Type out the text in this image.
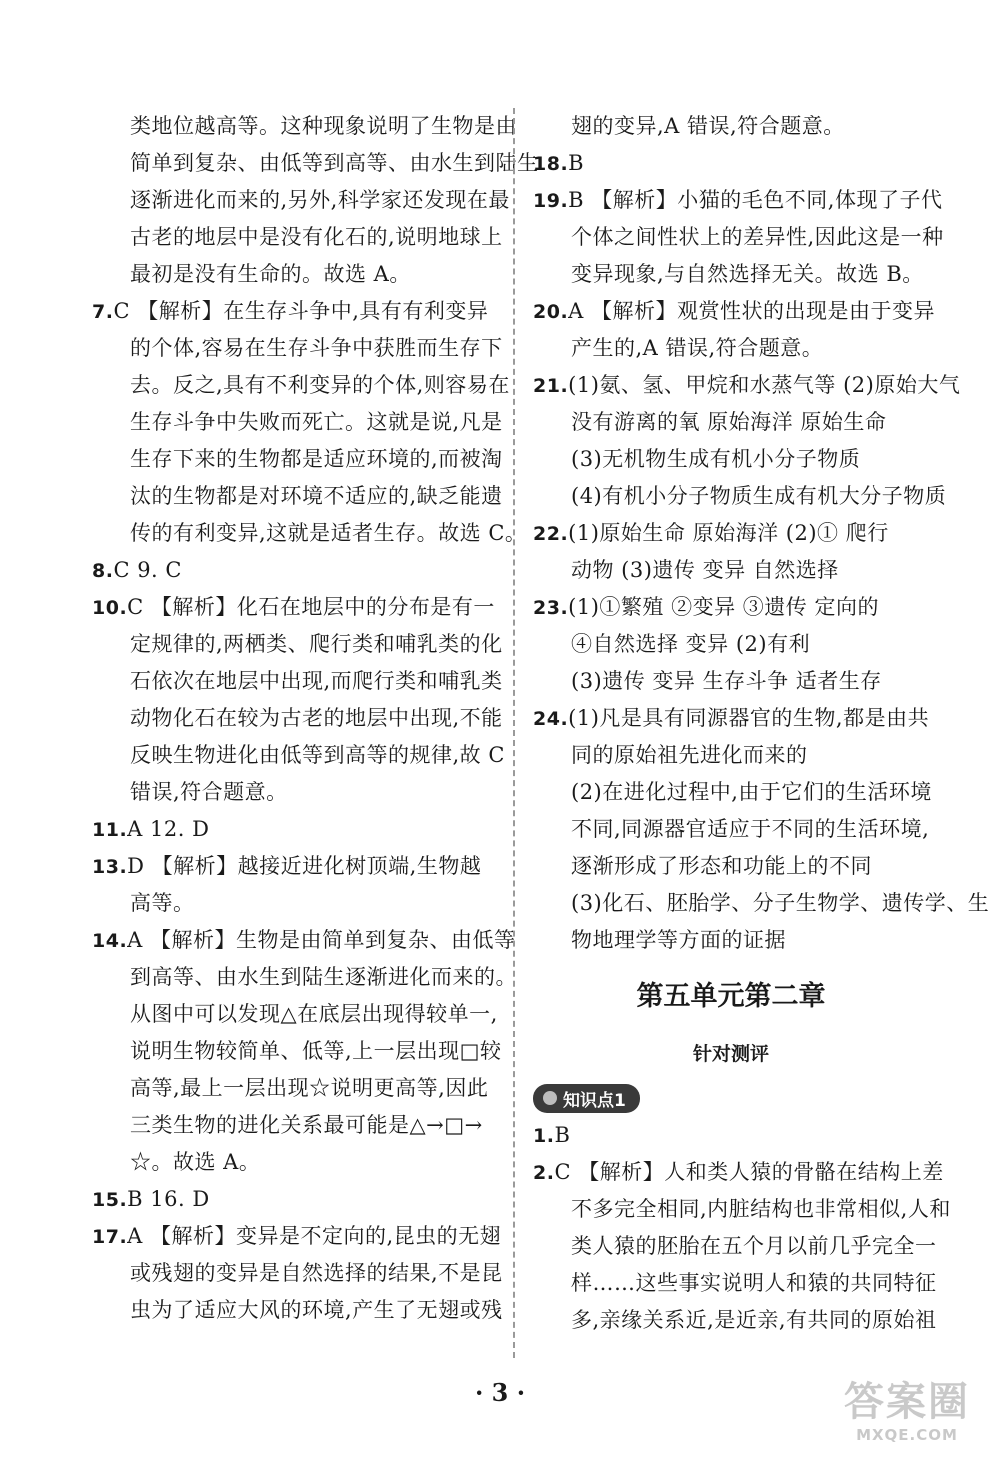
类地位越高等。这种现象说明了生物是由
简单到复杂、由低等到高等、由水生到陆生
逐渐进化而来的,另外,科学家还发现在最
古老的地层中是没有化石的,说明地球上
最初是没有生命的。故选 A。
7.C 【解析】在生存斗争中,具有有利变异
的个体,容易在生存斗争中获胜而生存下
去。反之,具有不利变异的个体,则容易在
生存斗争中失败而死亡。这就是说,凡是
生存下来的生物都是适应环境的,而被淘
汰的生物都是对环境不适应的,缺乏能遗
传的有利变异,这就是适者生存。故选 C。
8.C 9. C
10.C 【解析】化石在地层中的分布是有一
定规律的,两栖类、爬行类和哺乳类的化
石依次在地层中出现,而爬行类和哺乳类
动物化石在较为古老的地层中出现,不能
反映生物进化由低等到高等的规律,故 C
错误,符合题意。
11.A 12. D
13.D 【解析】越接近进化树顶端,生物越
高等。
14.A 【解析】生物是由简单到复杂、由低等
到高等、由水生到陆生逐渐进化而来的。
从图中可以发现△在底层出现得较单一,
说明生物较简单、低等,上一层出现□较
高等,最上一层出现☆说明更高等,因此
三类生物的进化关系最可能是△→□→
☆。故选 A。
15.B 16. D
17.A 【解析】变异是不定向的,昆虫的无翅
或残翅的变异是自然选择的结果,不是昆
虫为了适应大风的环境,产生了无翅或残
翅的变异,A 错误,符合题意。
18.B
19.B 【解析】小猫的毛色不同,体现了子代
个体之间性状上的差异性,因此这是一种
变异现象,与自然选择无关。故选 B。
20.A 【解析】观赏性状的出现是由于变异
产生的,A 错误,符合题意。
21.(1)氨、氢、甲烷和水蒸气等 (2)原始大气
没有游离的氧 原始海洋 原始生命
(3)无机物生成有机小分子物质
(4)有机小分子物质生成有机大分子物质
22.(1)原始生命 原始海洋 (2)① 爬行
动物 (3)遗传 变异 自然选择
23.(1)①繁殖 ②变异 ③遗传 定向的
④自然选择 变异 (2)有利
(3)遗传 变异 生存斗争 适者生存
24.(1)凡是具有同源器官的生物,都是由共
同的原始祖先进化而来的
(2)在进化过程中,由于它们的生活环境
不同,同源器官适应于不同的生活环境,
逐渐形成了形态和功能上的不同
(3)化石、胚胎学、分子生物学、遗传学、生
物地理学等方面的证据
第五单元第二章
针对测评
知识点1
1.B
2.C 【解析】人和类人猿的骨骼在结构上差
不多完全相同,内脏结构也非常相似,人和
类人猿的胚胎在五个月以前几乎完全一
样……这些事实说明人和猿的共同特征
多,亲缘关系近,是近亲,有共同的原始祖
· 3 ·	答案圈
MXQE.COM
